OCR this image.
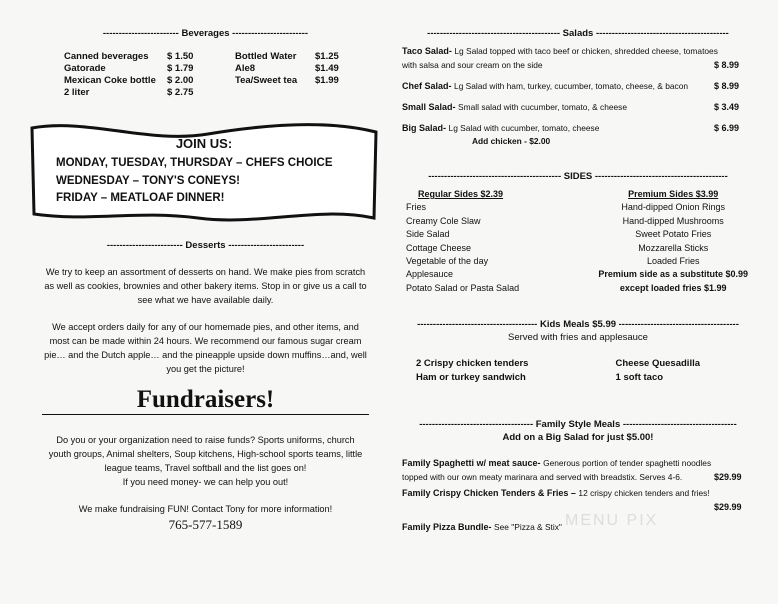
------------------------ Beverages ------------------------
Canned beverages	$ 1.50	Bottled Water	$1.25
Gatorade	$ 1.79	Ale8	$1.49
Mexican Coke bottle	$ 2.00	Tea/Sweet tea	$1.99
2 liter	$ 2.75
JOIN US:
MONDAY, TUESDAY, THURSDAY – CHEFS CHOICE
WEDNESDAY – TONY'S CONEYS!
FRIDAY – MEATLOAF DINNER!
------------------------ Desserts ------------------------
We try to keep an assortment of desserts on hand. We make pies from scratch
as well as cookies, brownies and other bakery items. Stop in or give us a call to
see what we have available daily.
We accept orders daily for any of our homemade pies, and other items, and
most can be made within 24 hours. We recommend our famous sugar cream
pie… and the Dutch apple… and the pineapple upside down muffins…and, well
you get the picture!
Fundraisers!
Do you or your organization need to raise funds? Sports uniforms, church
youth groups, Animal shelters, Soup kitchens, High-school sports teams, little
league teams, Travel softball and the list goes on!
If you need money- we can help you out!
We make fundraising FUN! Contact Tony for more information!
765-577-1589
------------------------------------------ Salads ------------------------------------------
Taco Salad- Lg Salad topped with taco beef or chicken, shredded cheese, tomatoes
with salsa and sour cream on the side	$ 8.99
Chef Salad- Lg Salad with ham, turkey, cucumber, tomato, cheese, & bacon	$ 8.99
Small Salad- Small salad with cucumber, tomato, & cheese	$ 3.49
Big Salad- Lg Salad with cucumber, tomato, cheese	$ 6.99
Add chicken - $2.00
------------------------------------------ SIDES ------------------------------------------
Regular Sides $2.39
Fries
Creamy Cole Slaw
Side Salad
Cottage Cheese
Vegetable of the day
Applesauce
Potato Salad or Pasta Salad
Premium Sides $3.99
Hand-dipped Onion Rings
Hand-dipped Mushrooms
Sweet Potato Fries
Mozzarella Sticks
Loaded Fries
Premium side as a substitute $0.99
except loaded fries $1.99
-------------------------------------- Kids Meals $5.99 --------------------------------------
Served with fries and applesauce
2 Crispy chicken tenders
Ham or turkey sandwich
Cheese Quesadilla
1 soft taco
------------------------------------ Family Style Meals ------------------------------------
Add on a Big Salad for just $5.00!
Family Spaghetti w/ meat sauce- Generous portion of tender spaghetti noodles
topped with our own meaty marinara and served with breadstix. Serves 4-6.	$29.99
Family Crispy Chicken Tenders & Fries – 12 crispy chicken tenders and fries!
$29.99
Family Pizza Bundle- See "Pizza & Stix" MENU PIX
